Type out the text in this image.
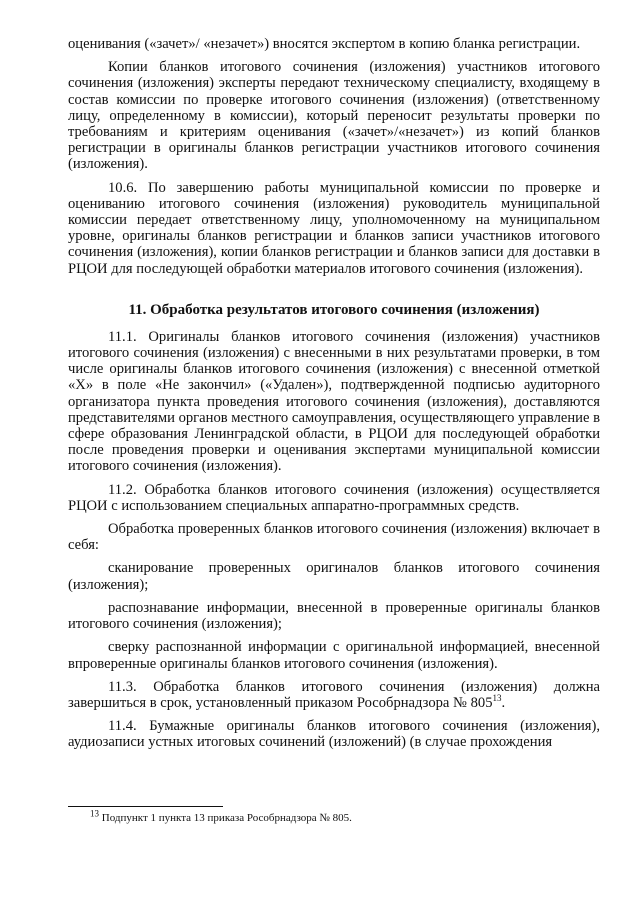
оценивания («зачет»/ «незачет») вносятся экспертом в копию бланка регистрации.

Копии бланков итогового сочинения (изложения) участников итогового сочинения (изложения) эксперты передают техническому специалисту, входящему в состав комиссии по проверке итогового сочинения (изложения) (ответственному лицу, определенному в комиссии), который переносит результаты проверки по требованиям и критериям оценивания («зачет»/«незачет») из копий бланков регистрации в оригиналы бланков регистрации участников итогового сочинения (изложения).

10.6. По завершению работы муниципальной комиссии по проверке и оцениванию итогового сочинения (изложения) руководитель муниципальной комиссии передает ответственному лицу, уполномоченному на муниципальном уровне, оригиналы бланков регистрации и бланков записи участников итогового сочинения (изложения), копии бланков регистрации и бланков записи для доставки в РЦОИ для последующей обработки материалов итогового сочинения (изложения).

11. Обработка результатов итогового сочинения (изложения)

11.1. Оригиналы бланков итогового сочинения (изложения) участников итогового сочинения (изложения) с внесенными в них результатами проверки, в том числе оригиналы бланков итогового сочинения (изложения) с внесенной отметкой «X» в поле «Не закончил» («Удален»), подтвержденной подписью аудиторного организатора пункта проведения итогового сочинения (изложения), доставляются представителями органов местного самоуправления, осуществляющего управление в сфере образования Ленинградской области, в РЦОИ для последующей обработки после проведения проверки и оценивания экспертами муниципальной комиссии итогового сочинения (изложения).

11.2. Обработка бланков итогового сочинения (изложения) осуществляется РЦОИ с использованием специальных аппаратно-программных средств.

Обработка проверенных бланков итогового сочинения (изложения) включает в себя:

сканирование проверенных оригиналов бланков итогового сочинения (изложения);

распознавание информации, внесенной в проверенные оригиналы бланков итогового сочинения (изложения);

сверку распознанной информации с оригинальной информацией, внесенной впроверенные оригиналы бланков итогового сочинения (изложения).

11.3. Обработка бланков итогового сочинения (изложения) должна завершиться в срок, установленный приказом Рособрнадзора № $805^{13}$.

11.4. Бумажные оригиналы бланков итогового сочинения (изложения), аудиозаписи устных итоговых сочинений (изложений) (в случае прохождения

$^{13}$ Подпункт 1 пункта 13 приказа Рособрнадзора № 805.
